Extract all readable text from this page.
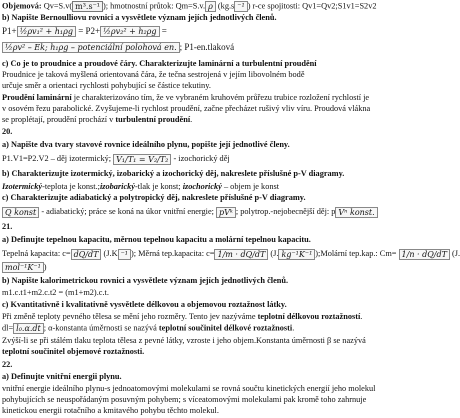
Objemová: Qv=S.v( m³.s⁻¹ ); hmotnostní průtok: Qm=S.v. ρ (kg.s ⁻¹ ) r-ce spojitosti: Qv1=Qv2;S1v1=S2v2
b) Napište Bernoulliovu rovnici a vysvětlete význam jejích jednotlivých členů.
P1+ ½ρv₁² + h₁ρg = P2+ ½ρv₂² + h₂ρg =
½ρv² – Ek; h₁ρg – potenciální polohová en. ; P1-en.tlaková
c) Co je to proudnice a proudové čáry. Charakterizujte laminární a turbulentní proudění
Proudnice je taková myšlená orientovaná čára, že tečna sestrojená v jejím libovolném bodě
určuje směr a orientaci rychlosti pohybující se částice tekutiny.
Proudění laminární je charakterizováno tím, že ve vybraném kruhovém průřezu trubice rozložení rychlostí je
v osovém řezu parabolické. Zvyšujeme-li rychlost proudění, začne přecházet rušivý vliv víru. Proudová vlákna
se proplétají, proudění prochází v turbulentní proudění.
20.
a) Napište dva tvary stavové rovnice ideálního plynu, popište její jednotlivé členy.
P1.V1=P2.V2 – děj izotermický; V₁/T₁ = V₂/T₂ - izochorický děj
b) Charakterizujte izotermický, izobarický a izochorický děj, nakreslete příslušné p-V diagramy.
Izotermický-teplota je konst.;izobarický-tlak je konst; izochorický – objem je konst
c) Charakterizujte adiabatický a polytropický děj, nakreslete příslušné p-V diagramy.
Q konst - adiabatický; práce se koná na úkor vnitřní energie; pVᵏ ; polytrop.-nejobecnější děj: p Vⁿ konst.
21.
a) Definujte tepelnou kapacitu, měrnou tepelnou kapacitu a molární tepelnou kapacitu.
Tepelná kapacita: c= dQ/dT (J.K ⁻¹ ); Měrná tep.kapacita: c= 1/m · dQ/dT (J. kg⁻¹K⁻¹ );Molární tep.kap.: Cm= 1/n · dQ/dT (J.
mol⁻¹K⁻¹ )
b) Napište kalorimetrickou rovnici a vysvětlete význam jejích jednotlivých členů.
m1.c.t1+m2.c.t2 = (m1+m2).c.t.
c) Kvantitativně i kvalitativně vysvětlete délkovou a objemovou roztažnost látky.
Při změně teploty pevného tělesa se mění jeho rozměry. Tento jev nazýváme teplotní délkovou roztažností.
dl= l₀.α.dt ; α-konstanta úměrnosti se nazývá teplotní součinitel délkové roztažnosti.
Zvýší-li se při stálém tlaku teplota tělesa z pevné látky, vzroste i jeho objem.Konstanta úměrnosti β se nazývá
teplotní součinitel objemové roztažnosti.
22.
a) Definujte vnitřní energii plynu.
vnitřní energie ideálního plynu-s jednoatomovými molekulami se rovná součtu kinetických energií jeho molekul
pohybujících se neuspořádaným posuvným pohybem; s víceatomovými molekulami pak kromě toho zahrnuje
kinetickou energii rotačního a kmitavého pohybu těchto molekul.
